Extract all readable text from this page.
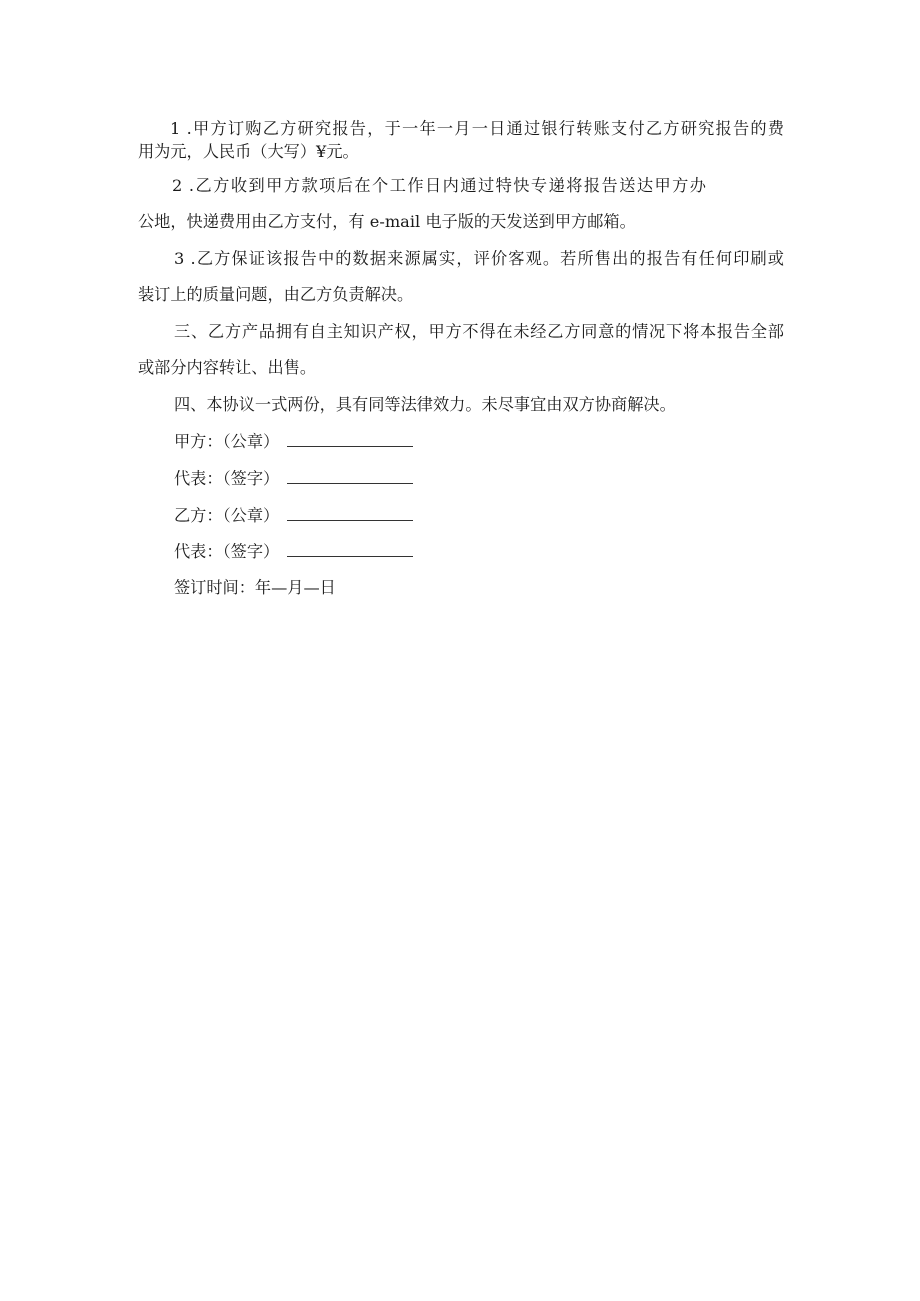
1 .甲方订购乙方研究报告，于一年一月一日通过银行转账支付乙方研究报告的费
用为元，人民币（大写）¥元。
2 .乙方收到甲方款项后在个工作日内通过特快专递将报告送达甲方办
公地，快递费用由乙方支付，有 e-mail 电子版的天发送到甲方邮箱。
3 .乙方保证该报告中的数据来源属实，评价客观。若所售出的报告有任何印刷或
装订上的质量问题，由乙方负责解决。
三、乙方产品拥有自主知识产权，甲方不得在未经乙方同意的情况下将本报告全部
或部分内容转让、出售。
四、本协议一式两份，具有同等法律效力。未尽事宜由双方协商解决。
甲方：（公章）
代表：（签字）
乙方：（公章）
代表：（签字）
签订时间：年—月—日
